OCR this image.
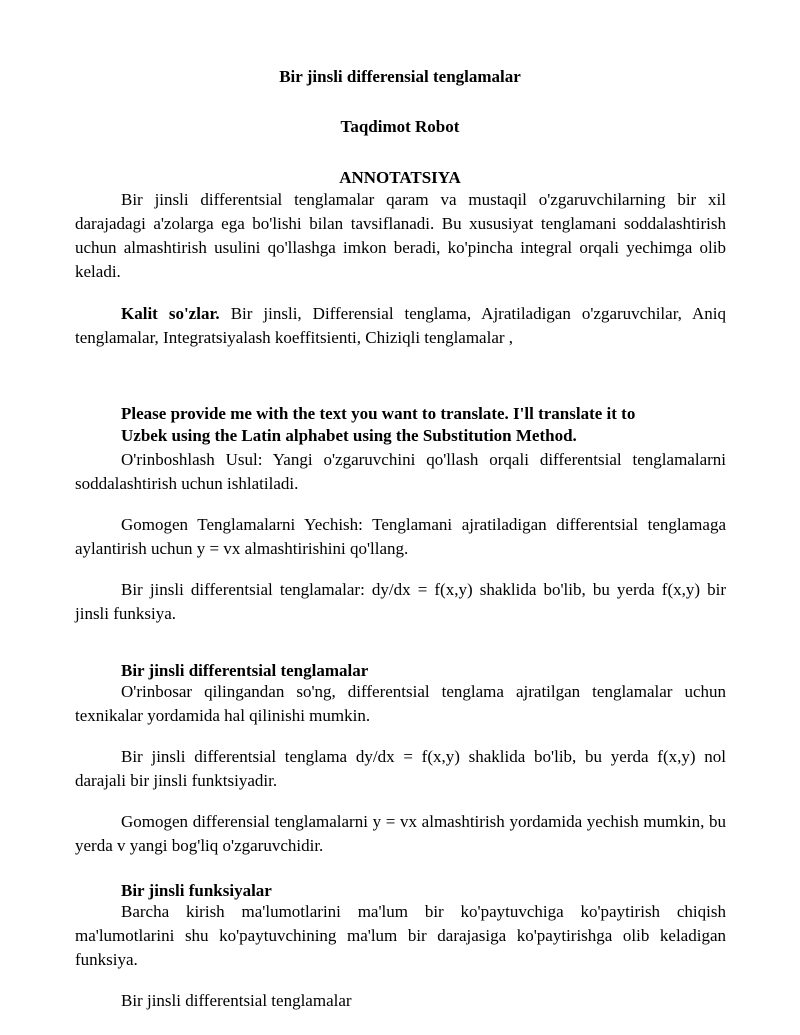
Bir jinsli differensial tenglamalar
Taqdimot Robot
ANNOTATSIYA

Bir jinsli differentsial tenglamalar qaram va mustaqil o'zgaruvchilarning bir xil darajadagi a'zolarga ega bo'lishi bilan tavsiflanadi. Bu xususiyat tenglamani soddalashtirish uchun almashtirish usulini qo'llashga imkon beradi, ko'pincha integral orqali yechimga olib keladi.

Kalit so'zlar. Bir jinsli, Differensial tenglama, Ajratiladigan o'zgaruvchilar, Aniq tenglamalar, Integratsiyalash koeffitsienti, Chiziqli tenglamalar ,

Please provide me with the text you want to translate. I'll translate it to
Uzbek using the Latin alphabet using the Substitution Method.

O'rinboshlash Usul: Yangi o'zgaruvchini qo'llash orqali differentsial tenglamalarni soddalashtirish uchun ishlatiladi.

Gomogen Tenglamalarni Yechish: Tenglamani ajratiladigan differentsial tenglamaga aylantirish uchun y = vx almashtirishini qo'llang.

Bir jinsli differentsial tenglamalar: dy/dx = f(x,y) shaklida bo'lib, bu yerda f(x,y) bir jinsli funksiya.

Bir jinsli differentsial tenglamalar

O'rinbosar qilingandan so'ng, differentsial tenglama ajratilgan tenglamalar uchun texnikalar yordamida hal qilinishi mumkin.

Bir jinsli differentsial tenglama dy/dx = f(x,y) shaklida bo'lib, bu yerda f(x,y) nol darajali bir jinsli funktsiyadir.

Gomogen differensial tenglamalarni y = vx almashtirish yordamida yechish mumkin, bu yerda v yangi bog'liq o'zgaruvchidir.

Bir jinsli funksiyalar

Barcha kirish ma'lumotlarini ma'lum bir ko'paytuvchiga ko'paytirish chiqish ma'lumotlarini shu ko'paytuvchining ma'lum bir darajasiga ko'paytirishga olib keladigan funksiya.

Bir jinsli differentsial tenglamalar
